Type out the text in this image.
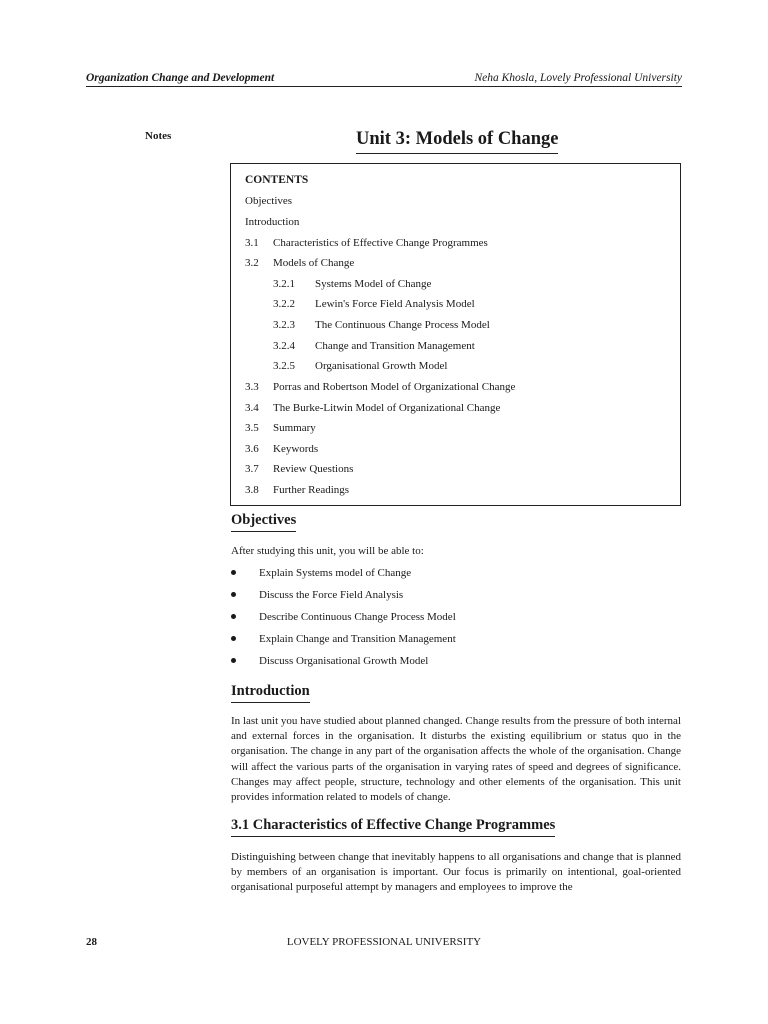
Organization Change and Development	Neha Khosla, Lovely Professional University
Notes	Unit 3: Models of Change
CONTENTS
Objectives
Introduction
3.1 Characteristics of Effective Change Programmes
3.2 Models of Change
3.2.1 Systems Model of Change
3.2.2 Lewin's Force Field Analysis Model
3.2.3 The Continuous Change Process Model
3.2.4 Change and Transition Management
3.2.5 Organisational Growth Model
3.3 Porras and Robertson Model of Organizational Change
3.4 The Burke-Litwin Model of Organizational Change
3.5 Summary
3.6 Keywords
3.7 Review Questions
3.8 Further Readings
Objectives
After studying this unit, you will be able to:
Explain Systems model of Change
Discuss the Force Field Analysis
Describe Continuous Change Process Model
Explain Change and Transition Management
Discuss Organisational Growth Model
Introduction

In last unit you have studied about planned changed. Change results from the pressure of both internal and external forces in the organisation. It disturbs the existing equilibrium or status quo in the organisation. The change in any part of the organisation affects the whole of the organisation. Change will affect the various parts of the organisation in varying rates of speed and degrees of significance. Changes may affect people, structure, technology and other elements of the organisation. This unit provides information related to models of change.

3.1 Characteristics of Effective Change Programmes

Distinguishing between change that inevitably happens to all organisations and change that is planned by members of an organisation is important. Our focus is primarily on intentional, goal-oriented organisational purposeful attempt by managers and employees to improve the

28	LOVELY PROFESSIONAL UNIVERSITY
